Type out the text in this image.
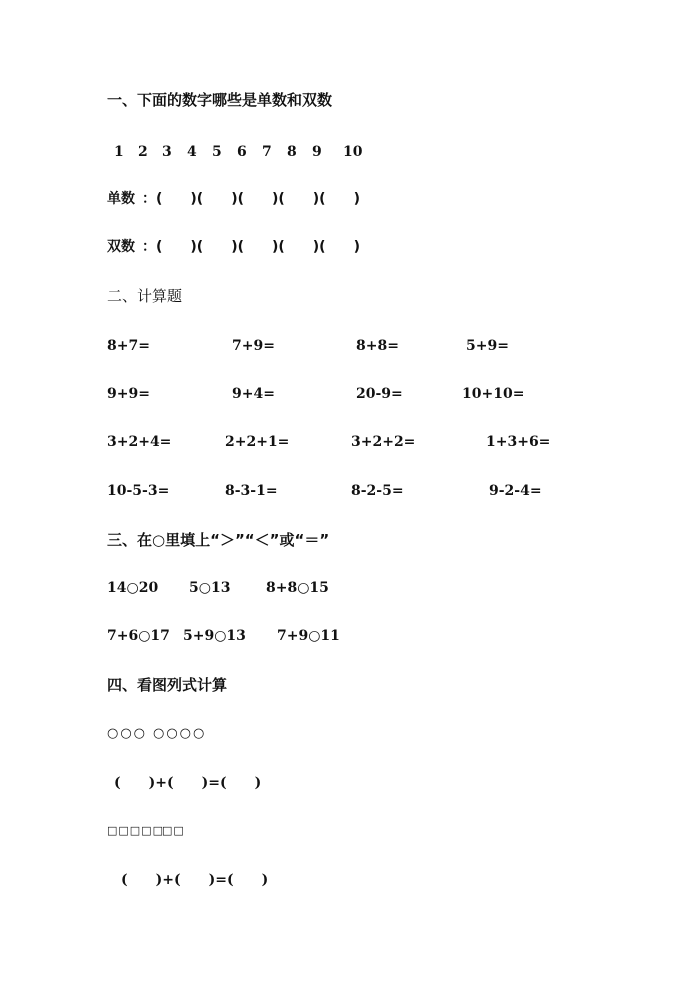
一、下面的数字哪些是单数和双数
1 2 3 4 5 6 7 8 9 10
单数 ：(　　)(　　)(　　)(　　)(　　)
双数 ：(　　)(　　)(　　)(　　)(　　)
二、计算题
8+7=	7+9=	8+8=	5+9=
9+9=	9+4=	20-9=	10+10=
3+2+4=	2+2+1=	3+2+2=	1+3+6=
10-5-3=	8-3-1=	8-2-5=	9-2-4=
三、在○里填上“＞”“＜”或“＝”
14○20 5○13	8+8○15
7+6○17 5+9○13 7+9○11
四、看图列式计算
○○○ ○○○○
(　　)+(　　)=(　　)
□□□□□
□□
(　　)+(　　)=(　　)
